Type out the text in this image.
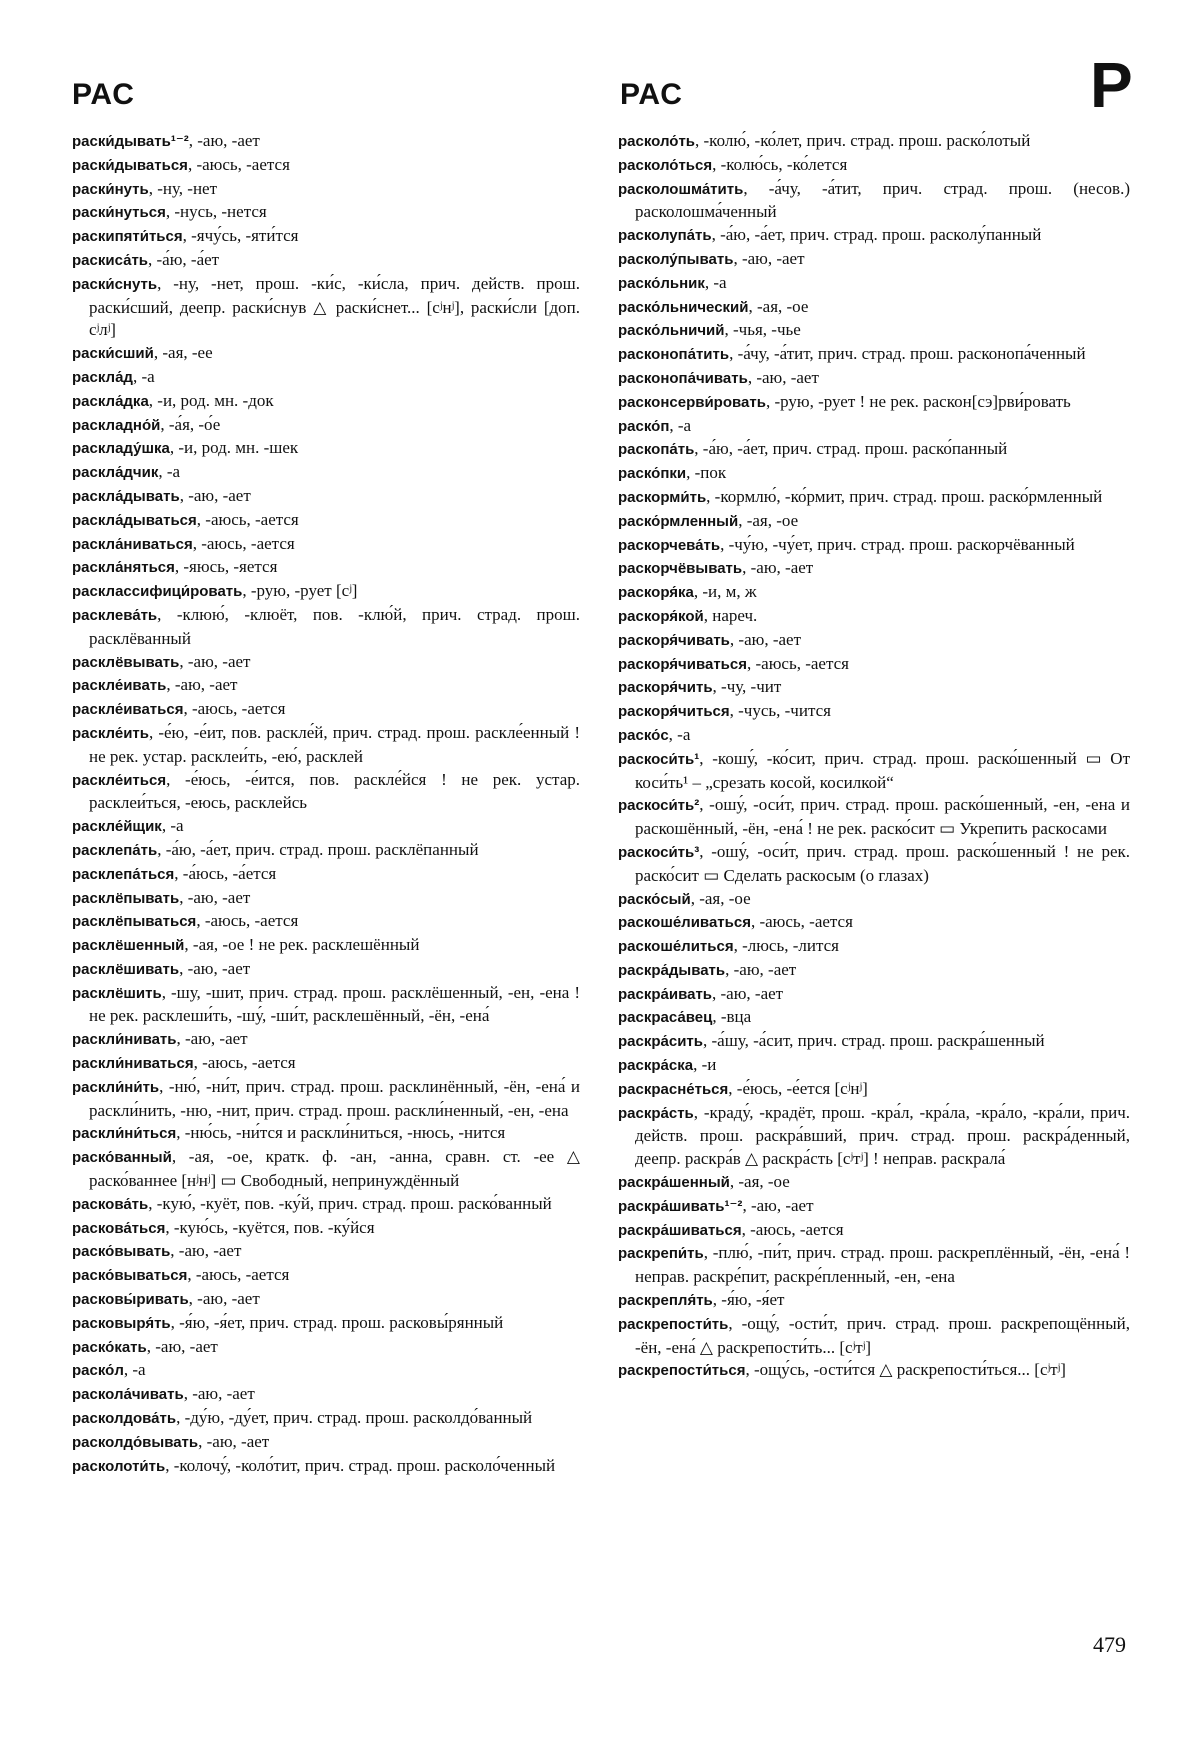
РАС	РАС	Р

раски́дывать¹⁻², -аю, -ает

раски́дываться, -аюсь, -ается

раски́нуть, -ну, -нет

раски́нуться, -нусь, -нется

раскипяти́ться, -ячу́сь, -яти́тся

раскиса́ть, -а́ю, -а́ет

раски́снуть, -ну, -нет, прош. -ки́с, -ки́сла, прич. действ. прош. раски́сший, деепр. раски́снув △ раски́снет... [сʲнʲ], раски́сли [доп. сʲлʲ]

раски́сший, -ая, -ее

раскла́д, -а

раскла́дка, -и, род. мн. -док

раскладно́й, -а́я, -о́е

раскладу́шка, -и, род. мн. -шек

раскла́дчик, -а

раскла́дывать, -аю, -ает

раскла́дываться, -аюсь, -ается

раскла́ниваться, -аюсь, -ается

раскла́няться, -яюсь, -яется

расклассифици́ровать, -рую, -рует [сʲ]

расклева́ть, -клюю́, -клюёт, пов. -клю́й, прич. страд. прош. расклёванный

расклёвывать, -аю, -ает

раскле́ивать, -аю, -ает

раскле́иваться, -аюсь, -ается

раскле́ить, -е́ю, -е́ит, пов. раскле́й, прич. страд. прош. раскле́енный ! не рек. устар. расклеи́ть, -ею́, расклей

раскле́иться, -е́юсь, -е́ится, пов. раскле́йся ! не рек. устар. расклеи́ться, -еюсь, расклейсь

раскле́йщик, -а

расклепа́ть, -а́ю, -а́ет, прич. страд. прош. расклёпанный

расклепа́ться, -а́юсь, -а́ется

расклёпывать, -аю, -ает

расклёпываться, -аюсь, -ается

расклёшенный, -ая, -ое ! не рек. расклешённый

расклёшивать, -аю, -ает

расклёшить, -шу, -шит, прич. страд. прош. расклёшенный, -ен, -ена ! не рек. расклеши́ть, -шу́, -ши́т, расклешённый, -ён, -ена́

раскли́нивать, -аю, -ает

раскли́ниваться, -аюсь, -ается

раскли́ни́ть, -ню́, -ни́т, прич. страд. прош. расклинённый, -ён, -ена́ и раскли́нить, -ню, -нит, прич. страд. прош. раскли́ненный, -ен, -ена

раскли́ни́ться, -ню́сь, -ни́тся и раскли́ниться, -нюсь, -нится

раско́ванный, -ая, -ое, кратк. ф. -ан, -анна, сравн. ст. -ее △ раско́ваннее [нʲнʲ] ▭ Свободный, непринуждённый

раскова́ть, -кую́, -куёт, пов. -ку́й, прич. страд. прош. раско́ванный

раскова́ться, -кую́сь, -куётся, пов. -ку́йся

раско́вывать, -аю, -ает

раско́вываться, -аюсь, -ается

расковы́ривать, -аю, -ает

расковыря́ть, -я́ю, -я́ет, прич. страд. прош. расковы́рянный

раско́кать, -аю, -ает

раско́л, -а

раскола́чивать, -аю, -ает

расколдова́ть, -ду́ю, -ду́ет, прич. страд. прош. расколдо́ванный

расколдо́вывать, -аю, -ает

расколоти́ть, -колочу́, -коло́тит, прич. страд. прош. расколо́ченный

расколо́ть, -колю́, -ко́лет, прич. страд. прош. раско́лотый

расколо́ться, -колю́сь, -ко́лется

расколошма́тить, -а́чу, -а́тит, прич. страд. прош. (несов.) расколошма́ченный

расколупа́ть, -а́ю, -а́ет, прич. страд. прош. расколу́панный

расколу́пывать, -аю, -ает

раско́льник, -а

раско́льнический, -ая, -ое

раско́льничий, -чья, -чье

расконопа́тить, -а́чу, -а́тит, прич. страд. прош. расконопа́ченный

расконопа́чивать, -аю, -ает

расконсерви́ровать, -рую, -рует ! не рек. раскон[сэ]рви́ровать

раско́п, -а

раскопа́ть, -а́ю, -а́ет, прич. страд. прош. раско́панный

раско́пки, -пок

раскорми́ть, -кормлю́, -ко́рмит, прич. страд. прош. раско́рмленный

раско́рмленный, -ая, -ое

раскорчева́ть, -чу́ю, -чу́ет, прич. страд. прош. раскорчёванный

раскорчёвывать, -аю, -ает

раскоря́ка, -и, м, ж

раскоря́кой, нареч.

раскоря́чивать, -аю, -ает

раскоря́чиваться, -аюсь, -ается

раскоря́чить, -чу, -чит

раскоря́читься, -чусь, -чится

раско́с, -а

раскоси́ть¹, -кошу́, -ко́сит, прич. страд. прош. раско́шенный ▭ От коси́ть¹ – „срезать косой, косилкой“

раскоси́ть², -ошу́, -оси́т, прич. страд. прош. раско́шенный, -ен, -ена и раскошённый, -ён, -ена́ ! не рек. раско́сит ▭ Укрепить раскосами

раскоси́ть³, -ошу́, -оси́т, прич. страд. прош. раско́шенный ! не рек. раско́сит ▭ Сделать раскосым (о глазах)

раско́сый, -ая, -ое

раскоше́ливаться, -аюсь, -ается

раскоше́литься, -люсь, -лится

раскра́дывать, -аю, -ает

раскра́ивать, -аю, -ает

раскраса́вец, -вца

раскра́сить, -а́шу, -а́сит, прич. страд. прош. раскра́шенный

раскра́ска, -и

раскрасне́ться, -е́юсь, -е́ется [сʲнʲ]

раскра́сть, -краду́, -крадёт, прош. -кра́л, -кра́ла, -кра́ло, -кра́ли, прич. действ. прош. раскра́вший, прич. страд. прош. раскра́денный, деепр. раскра́в △ раскра́сть [сʲтʲ] ! неправ. раскрала́

раскра́шенный, -ая, -ое

раскра́шивать¹⁻², -аю, -ает

раскра́шиваться, -аюсь, -ается

раскрепи́ть, -плю́, -пи́т, прич. страд. прош. раскреплённый, -ён, -ена́ ! неправ. раскре́пит, раскре́пленный, -ен, -ена

раскрепля́ть, -я́ю, -я́ет

раскрепости́ть, -ощу́, -ости́т, прич. страд. прош. раскрепощённый, -ён, -ена́ △ раскрепости́ть... [сʲтʲ]

раскрепости́ться, -ощу́сь, -ости́тся △ раскрепости́ться... [сʲтʲ]

479
